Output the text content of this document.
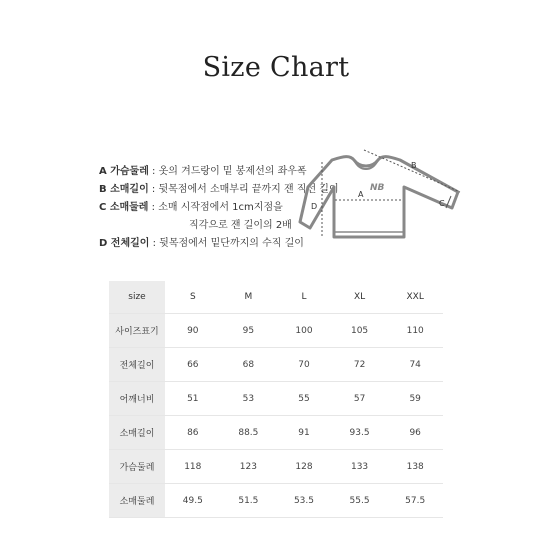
Size Chart
A 가슴둘레 : 옷의 겨드랑이 밑 봉제선의 좌우폭
B 소매길이 : 뒷목점에서 소매부리 끝까지 잰 직선 길이
C 소매둘레 : 소매 시작점에서 1cm지점을
직각으로 잰 길이의 2배
D 전체길이 : 뒷목점에서 밑단까지의 수직 길이
NB
A
B
C
D
size	S	M	L	XL	XXL
사이즈표기	90	95	100	105	110
전체길이	66	68	70	72	74
어깨너비	51	53	55	57	59
소매길이	86	88.5	91	93.5	96
가슴둘레	118	123	128	133	138
소매둘레	49.5	51.5	53.5	55.5	57.5
